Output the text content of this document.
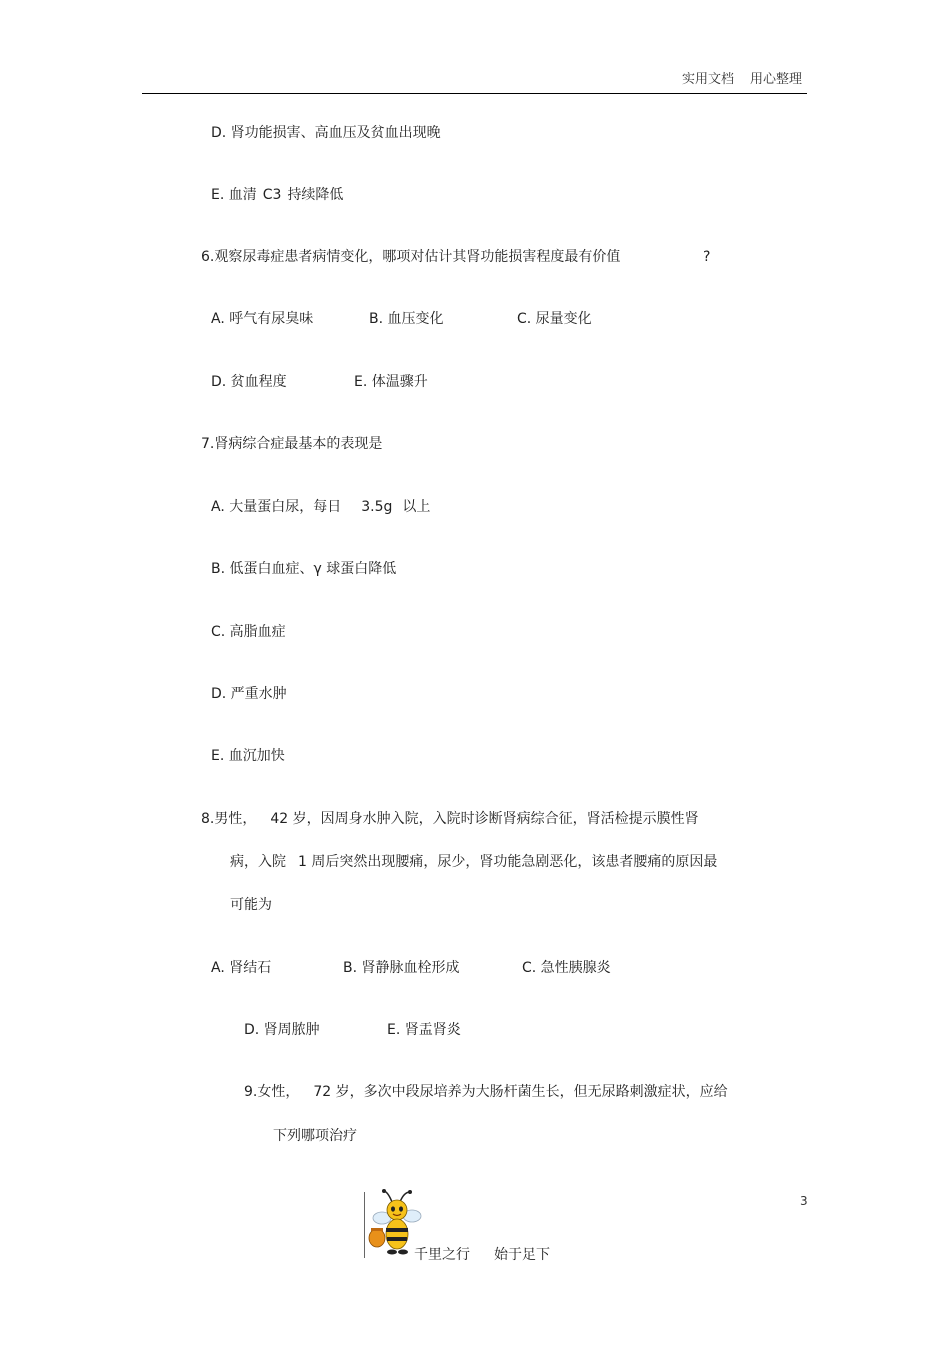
实用文档 用心整理
D. 肾功能损害、高血压及贫血出现晚
E. 血清 C3 持续降低
6.观察尿毒症患者病情变化，哪项对估计其肾功能损害程度最有价值	?
A. 呼气有尿臭味	B. 血压变化	C. 尿量变化
D. 贫血程度	E. 体温骤升
7.肾病综合症最基本的表现是
A. 大量蛋白尿，每日 3.5g 以上
B. 低蛋白血症、γ 球蛋白降低
C. 高脂血症
D. 严重水肿
E. 血沉加快
8.男性， 42 岁，因周身水肿入院，入院时诊断肾病综合征，肾活检提示膜性肾
病，入院 1 周后突然出现腰痛，尿少，肾功能急剧恶化，该患者腰痛的原因最
可能为
A. 肾结石	B. 肾静脉血栓形成	C. 急性胰腺炎
D. 肾周脓肿	E. 肾盂肾炎
9.女性， 72 岁，多次中段尿培养为大肠杆菌生长，但无尿路刺激症状，应给
下列哪项治疗
3
千里之行 始于足下
